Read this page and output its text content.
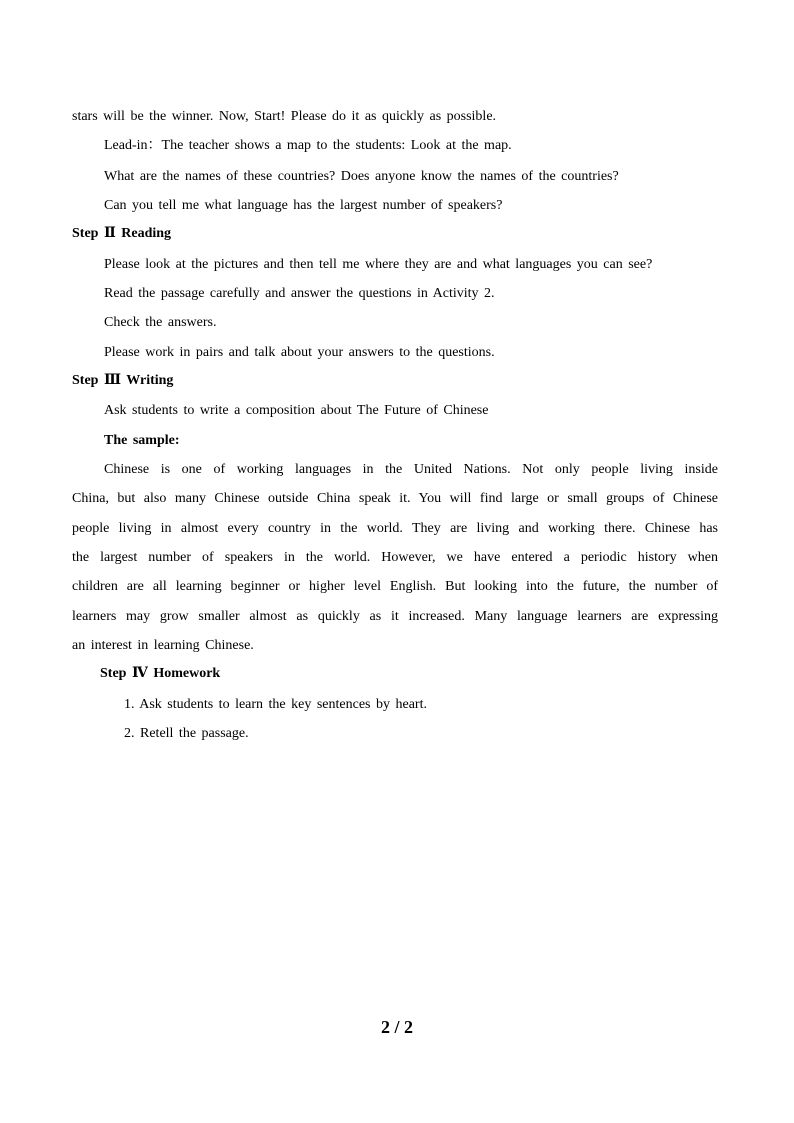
stars will be the winner. Now, Start! Please do it as quickly as possible.
Lead-in：The teacher shows a map to the students: Look at the map.
What are the names of these countries? Does anyone know the names of the countries?
Can you tell me what language has the largest number of speakers?
Step Ⅱ Reading
Please look at the pictures and then tell me where they are and what languages you can see?
Read the passage carefully and answer the questions in Activity 2.
Check the answers.
Please work in pairs and talk about your answers to the questions.
Step Ⅲ Writing
Ask students to write a composition about The Future of Chinese
The sample:
Chinese is one of working languages in the United Nations. Not only people living inside
China, but also many Chinese outside China speak it. You will find large or small groups of Chinese
people living in almost every country in the world. They are living and working there. Chinese has
the largest number of speakers in the world. However, we have entered a periodic history when
children are all learning beginner or higher level English. But looking into the future, the number of
learners may grow smaller almost as quickly as it increased. Many language learners are expressing
an interest in learning Chinese.
Step Ⅳ Homework
1. Ask students to learn the key sentences by heart.
2. Retell the passage.
2 / 2
